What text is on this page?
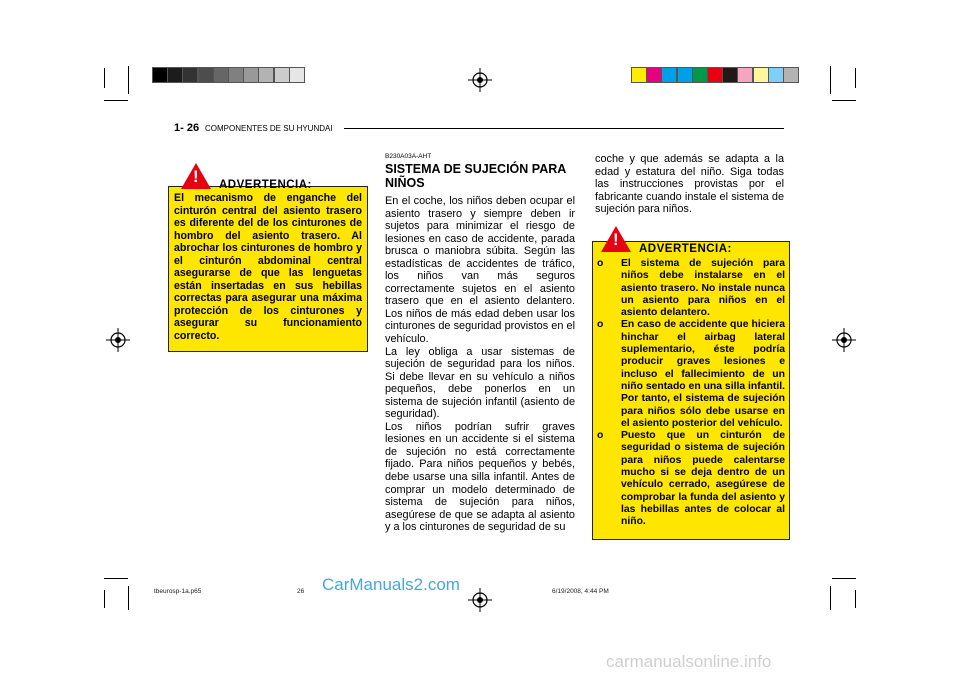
1- 26 COMPONENTES DE SU HYUNDAI
ADVERTENCIA:
El mecanismo de enganche del cinturón central del asiento trasero es diferente del de los cinturones de hombro del asiento trasero. Al abrochar los cinturones de hombro y el cinturón abdominal central asegurarse de que las lenguetas están insertadas en sus hebillas correctas para asegurar una máxima protección de los cinturones y asegurar su funcionamiento correcto.
!
B230A03A-AHT
SISTEMA DE SUJECIÓN PARA NIÑOS
En el coche, los niños deben ocupar el asiento trasero y siempre deben ir sujetos para minimizar el riesgo de lesiones en caso de accidente, parada brusca o maniobra súbita. Según las estadísticas de accidentes de tráfico, los niños van más seguros correctamente sujetos en el asiento trasero que en el asiento delantero. Los niños de más edad deben usar los cinturones de seguridad provistos en el vehículo.
La ley obliga a usar sistemas de sujeción de seguridad para los niños. Si debe llevar en su vehículo a niños pequeños, debe ponerlos en un sistema de sujeción infantil (asiento de seguridad).
Los niños podrían sufrir graves lesiones en un accidente si el sistema de sujeción no está correctamente fijado. Para niños pequeños y bebés, debe usarse una silla infantil. Antes de comprar un modelo determinado de sistema de sujeción para niños, asegúrese de que se adapta al asiento y a los cinturones de seguridad de su
coche y que además se adapta a la edad y estatura del niño. Siga todas las instrucciones provistas por el fabricante cuando instale el sistema de sujeción para niños.
ADVERTENCIA:
o El sistema de sujeción para niños debe instalarse en el asiento trasero. No instale nunca un asiento para niños en el asiento delantero.
o En caso de accidente que hiciera hinchar el airbag lateral suplementario, éste podría producir graves lesiones e incluso el fallecimiento de un niño sentado en una silla infantil. Por tanto, el sistema de sujeción para niños sólo debe usarse en el asiento posterior del vehículo.
o Puesto que un cinturón de seguridad o sistema de sujeción para niños puede calentarse mucho si se deja dentro de un vehículo cerrado, asegúrese de comprobar la funda del asiento y las hebillas antes de colocar al niño.
!
tbeurosp-1a.p65	26	6/19/2008, 4:44 PM
CarManuals2.com
carmanualsonline.info
